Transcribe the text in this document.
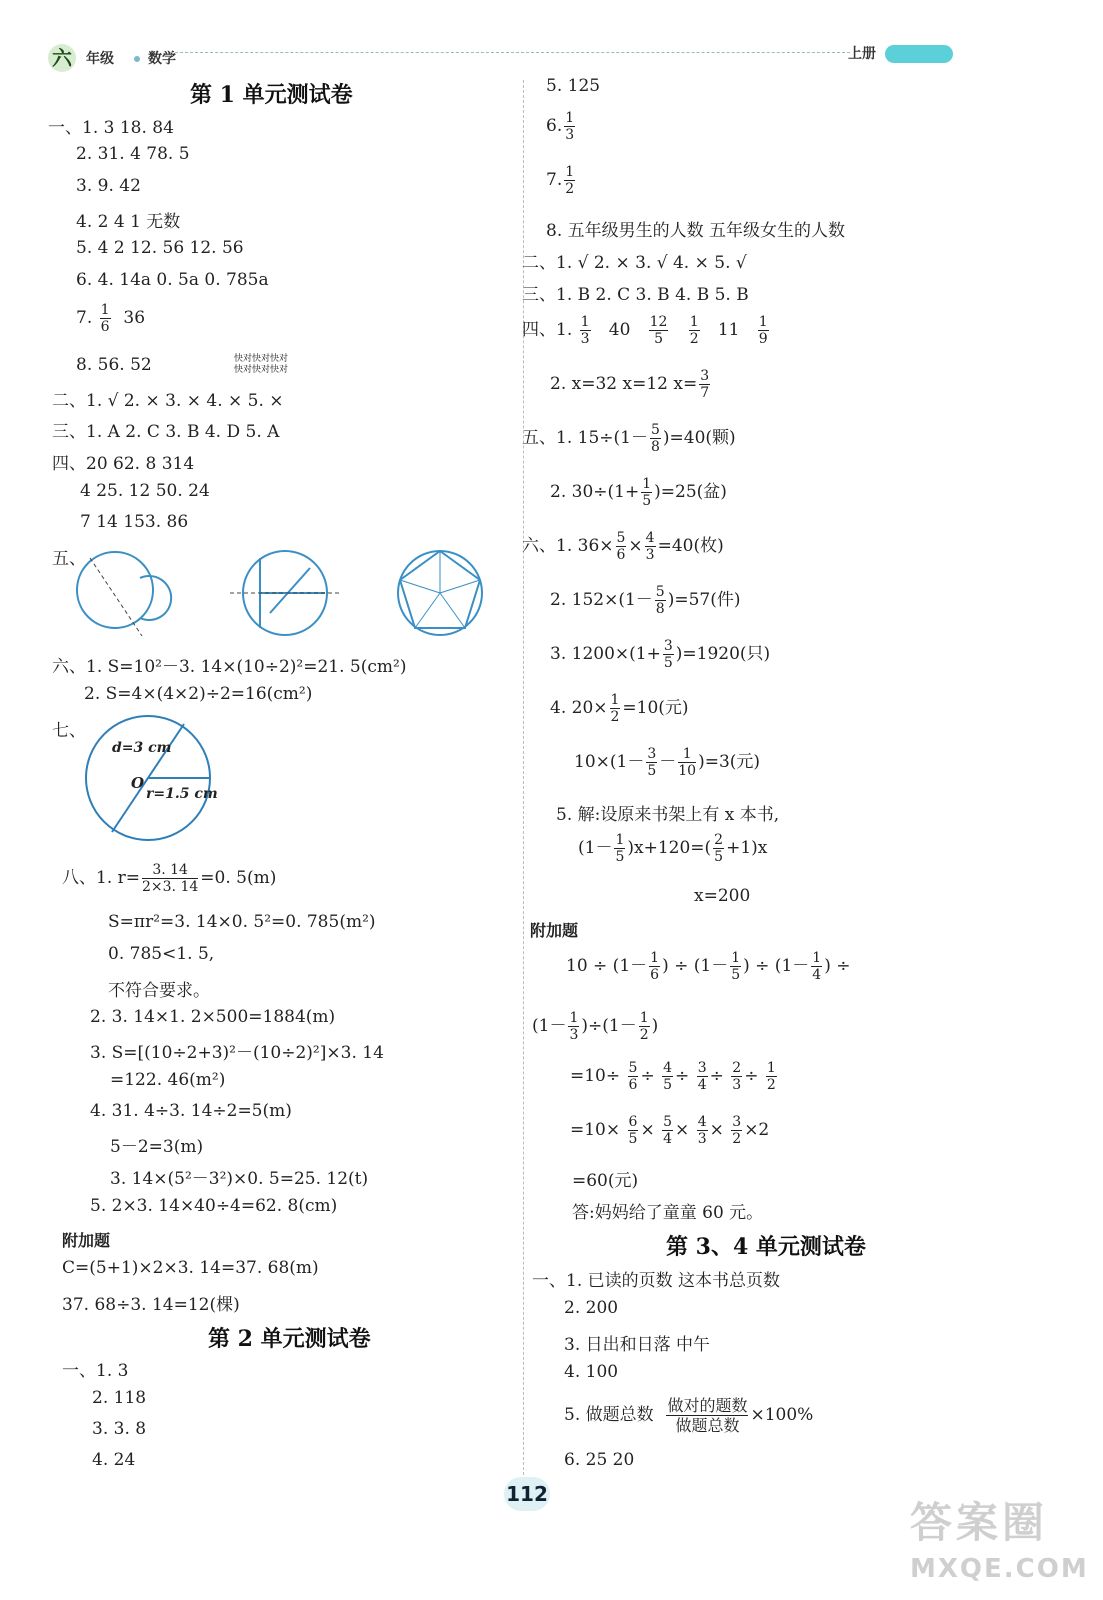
六 年级 数学	上册
第 1 单元测试卷
一、1. 3 18. 84
2. 31. 4 78. 5
3. 9. 42
4. 2 4 1 无数
5. 4 2 12. 56 12. 56
6. 4. 14a 0. 5a 0. 785a
7. $\frac{1}{6} 36$
8. 56. 52	快对快对快对
快对快对快对
二、1. √ 2. × 3. × 4. × 5. ×
三、1. A 2. C 3. B 4. D 5. A
四、20 62. 8 314
4 25. 12 50. 24
7 14 153. 86
五、
六、1. S=10²－3. 14×(10÷2)²=21. 5(cm²)
2. S=4×(4×2)÷2=16(cm²)
七、
d=3 cm
O
r=1.5 cm
八、1. $r= \frac{3. 14}{2\times 3. 14} =0$. 5(m)
S=πr²=3. 14×0. 5²=0. 785(m²)
0. 785<1. 5,
不符合要求。
2. 3. 14×1. 2×500=1884(m)
3. S=[(10÷2+3)²－(10÷2)²]×3. 14
=122. 46(m²)
4. 31. 4÷3. 14÷2=5(m)
5－2=3(m)
3. 14×(5²－3²)×0. 5=25. 12(t)
5. 2×3. 14×40÷4=62. 8(cm)
附加题
C=(5+1)×2×3. 14=37. 68(m)
37. 68÷3. 14=12(棵)
第 2 单元测试卷
一、1. 3
2. 118
3. 3. 8
4. 24
5. 125
6. $\frac{1}{3}$
7. $\frac{1}{2}$
8. 五年级男生的人数 五年级女生的人数
二、1. √ 2. × 3. √ 4. × 5. √
三、1. B 2. C 3. B 4. B 5. B
四、1. $\frac{1}{3} 40 \frac{12}{5}$
$\frac{1}{2} 11 \frac{1}{9}$
2. x=32 x=12 $x= \frac{3}{7}$
五、1. $15\div(1- \frac{5}{8} )=40$(颗)
2. $30\div(1+ \frac{1}{5} )=25$(盆)
六、1. $36\times \frac{5}{6} \times \frac{4}{3} =40$(枚)
2. $152\times(1- \frac{5}{8} )=57$(件)
3. $1200\times(1+ \frac{3}{5} )=1920$(只)
4. $20\times \frac{1}{2} =10$(元)
$10\times(1- \frac{3}{5} - \frac{1}{10} )=3$(元)
5. 解:设原来书架上有 x 本书,
$(1- \frac{1}{5} )x+120=( \frac{2}{5} +1)x$
x=200
附加题
$10 \div (1- \frac{1}{6}$ ) ÷ ($1- \frac{1}{5}$ ) ÷ ($1- \frac{1}{4}$ ) ÷
$(1- \frac{1}{3} )\div(1- \frac{1}{2}$ )
$=10\div \frac{5}{6} \div \frac{4}{5} \div \frac{3}{4} \div \frac{2}{3} \div \frac{1}{2}$
$=10\times \frac{6}{5} \times \frac{5}{4} \times \frac{4}{3} \times \frac{3}{2} \times 2$
=60(元)
答:妈妈给了童童 60 元。
第 3、4 单元测试卷
一、1. 已读的页数 这本书总页数
2. 200
3. 日出和日落 中午
4. 100
5. 做题总数 做对的题数
做题总数
×100%
6. 25 20
112
答案圈
MXQE.COM
